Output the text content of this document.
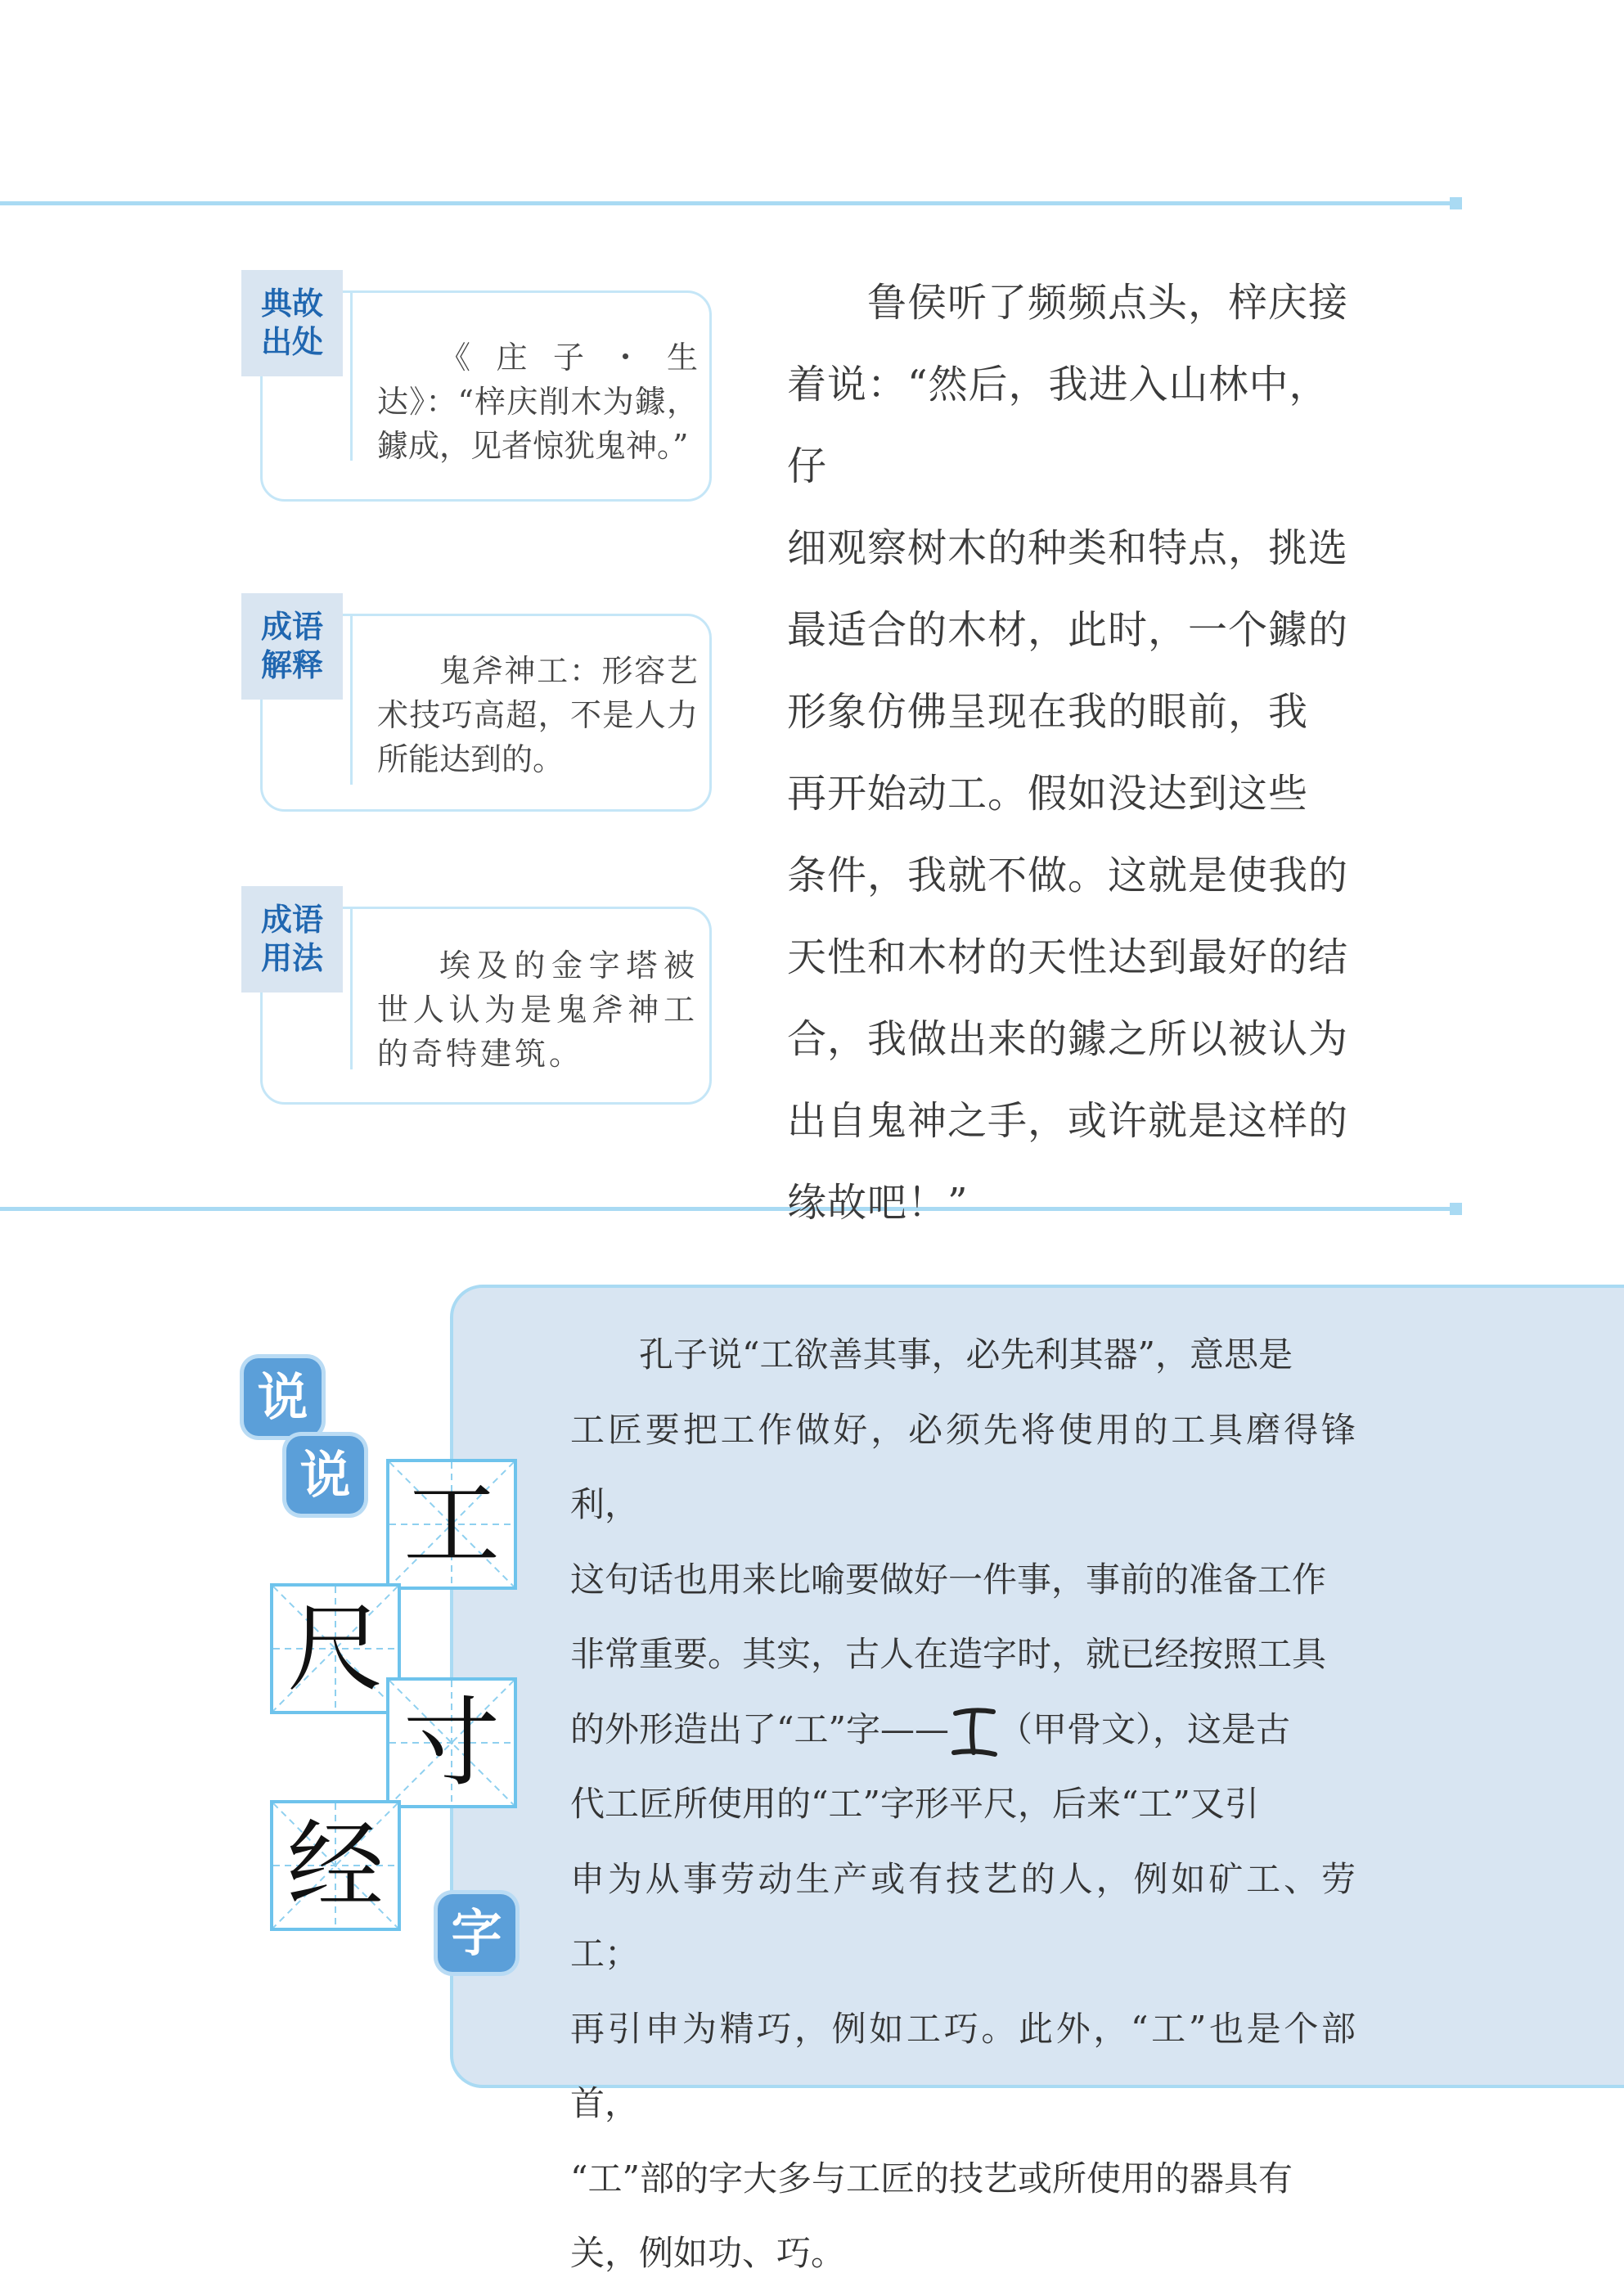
典故出处	《庄子・生达》：“梓庆削木为鐻，鐻成，见者惊犹鬼神。”
成语解释	鬼斧神工：形容艺术技巧高超，不是人力所能达到的。
成语用法	埃及的金字塔被世人认为是鬼斧神工的奇特建筑。
　　鲁侯听了频频点头，梓庆接
着说：“然后，我进入山林中，仔
细观察树木的种类和特点，挑选
最适合的木材，此时，一个鐻的
形象仿佛呈现在我的眼前，我
再开始动工。假如没达到这些
条件，我就不做。这就是使我的
天性和木材的天性达到最好的结
合，我做出来的鐻之所以被认为
出自鬼神之手，或许就是这样的
缘故吧！”
说
说
字
工
尺
寸
经
　　孔子说“工欲善其事，必先利其器”，意思是
工匠要把工作做好，必须先将使用的工具磨得锋利，
这句话也用来比喻要做好一件事，事前的准备工作
非常重要。其实，古人在造字时，就已经按照工具
的外形造出了“工”字—— （甲骨文），这是古
代工匠所使用的“工”字形平尺，后来“工”又引
申为从事劳动生产或有技艺的人，例如矿工、劳工；
再引申为精巧，例如工巧。此外，“工”也是个部首，
“工”部的字大多与工匠的技艺或所使用的器具有
关，例如功、巧。
